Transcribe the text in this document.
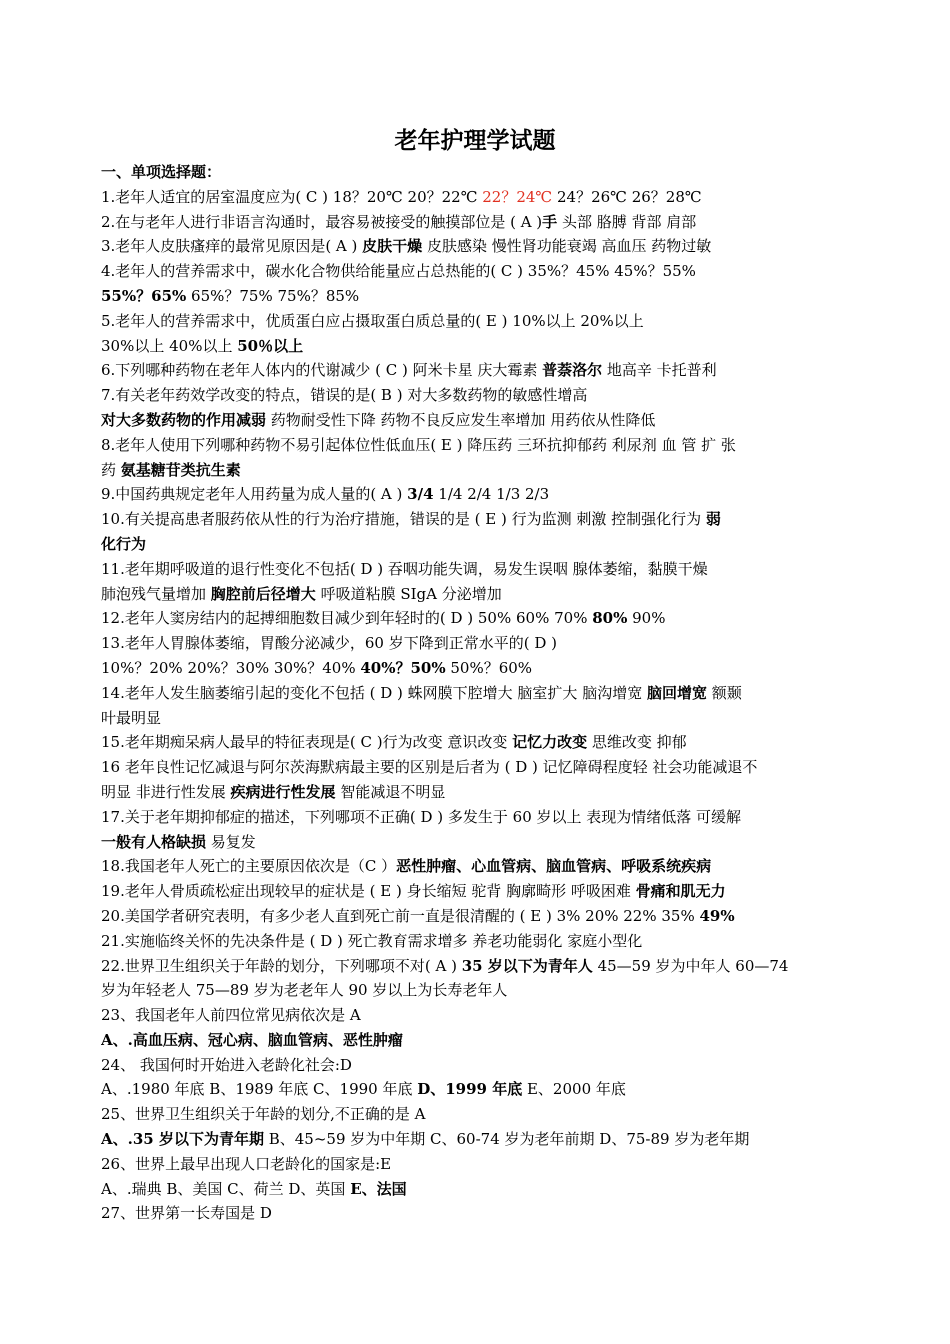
老年护理学试题
一、单项选择题：
1.老年人适宜的居室温度应为( C ) 18？20℃ 20？22℃ 22？24℃ 24？26℃ 26？28℃
2.在与老年人进行非语言沟通时，最容易被接受的触摸部位是 ( A )手 头部 胳膊 背部 肩部
3.老年人皮肤瘙痒的最常见原因是( A ) 皮肤干燥 皮肤感染 慢性肾功能衰竭 高血压 药物过敏
4.老年人的营养需求中，碳水化合物供给能量应占总热能的( C ) 35%？45% 45%？55%
55%？65% 65%？75% 75%？85%
5.老年人的营养需求中，优质蛋白应占摄取蛋白质总量的( E ) 10%以上 20%以上
30%以上 40%以上 50％以上
6.下列哪种药物在老年人体内的代谢减少 ( C ) 阿米卡星 庆大霉素 普萘洛尔 地高辛 卡托普利
7.有关老年药效学改变的特点，错误的是( B ) 对大多数药物的敏感性增高
对大多数药物的作用减弱 药物耐受性下降 药物不良反应发生率增加 用药依从性降低
8.老年人使用下列哪种药物不易引起体位性低血压( E ) 降压药 三环抗抑郁药 利尿剂 血 管 扩 张
药 氨基糖苷类抗生素
9.中国药典规定老年人用药量为成人量的( A ) 3/4 1/4 2/4 1/3 2/3
10.有关提高患者服药依从性的行为治疗措施，错误的是 ( E ) 行为监测 刺激 控制强化行为 弱
化行为
11.老年期呼吸道的退行性变化不包括( D ) 吞咽功能失调，易发生误咽 腺体萎缩，黏膜干燥
肺泡残气量增加 胸腔前后径增大 呼吸道粘膜 SIgA 分泌增加
12.老年人窦房结内的起搏细胞数目减少到年轻时的( D ) 50% 60% 70% 80% 90%
13.老年人胃腺体萎缩，胃酸分泌减少，60 岁下降到正常水平的( D )
10%？20% 20%？30% 30%？40% 40%？50% 50%？60%
14.老年人发生脑萎缩引起的变化不包括 ( D ) 蛛网膜下腔增大 脑室扩大 脑沟增宽 脑回增宽 额颞
叶最明显
15.老年期痴呆病人最早的特征表现是( C )行为改变 意识改变 记忆力改变 思维改变 抑郁
16 老年良性记忆减退与阿尔茨海默病最主要的区别是后者为 ( D ) 记忆障碍程度轻 社会功能减退不
明显 非进行性发展 疾病进行性发展 智能减退不明显
17.关于老年期抑郁症的描述，下列哪项不正确( D ) 多发生于 60 岁以上 表现为情绪低落 可缓解
一般有人格缺损 易复发
18.我国老年人死亡的主要原因依次是（C ）恶性肿瘤、心血管病、脑血管病、呼吸系统疾病
19.老年人骨质疏松症出现较早的症状是 ( E ) 身长缩短 驼背 胸廓畸形 呼吸困难 骨痛和肌无力
20.美国学者研究表明，有多少老人直到死亡前一直是很清醒的 ( E ) 3% 20% 22% 35% 49%
21.实施临终关怀的先决条件是 ( D ) 死亡教育需求增多 养老功能弱化 家庭小型化
22.世界卫生组织关于年龄的划分，下列哪项不对( A ) 35 岁以下为青年人 45—59 岁为中年人 60—74
岁为年轻老人 75—89 岁为老老年人 90 岁以上为长寿老年人
23、我国老年人前四位常见病依次是 A
A、.高血压病、冠心病、脑血管病、恶性肿瘤
24、 我国何时开始进入老龄化社会:D
A、.1980 年底 B、1989 年底 C、1990 年底 D、1999 年底 E、2000 年底
25、世界卫生组织关于年龄的划分,不正确的是 A
A、.35 岁以下为青年期 B、45~59 岁为中年期 C、60-74 岁为老年前期 D、75-89 岁为老年期
26、世界上最早出现人口老龄化的国家是:E
A、.瑞典 B、美国 C、荷兰 D、英国 E、法国
27、世界第一长寿国是 D
